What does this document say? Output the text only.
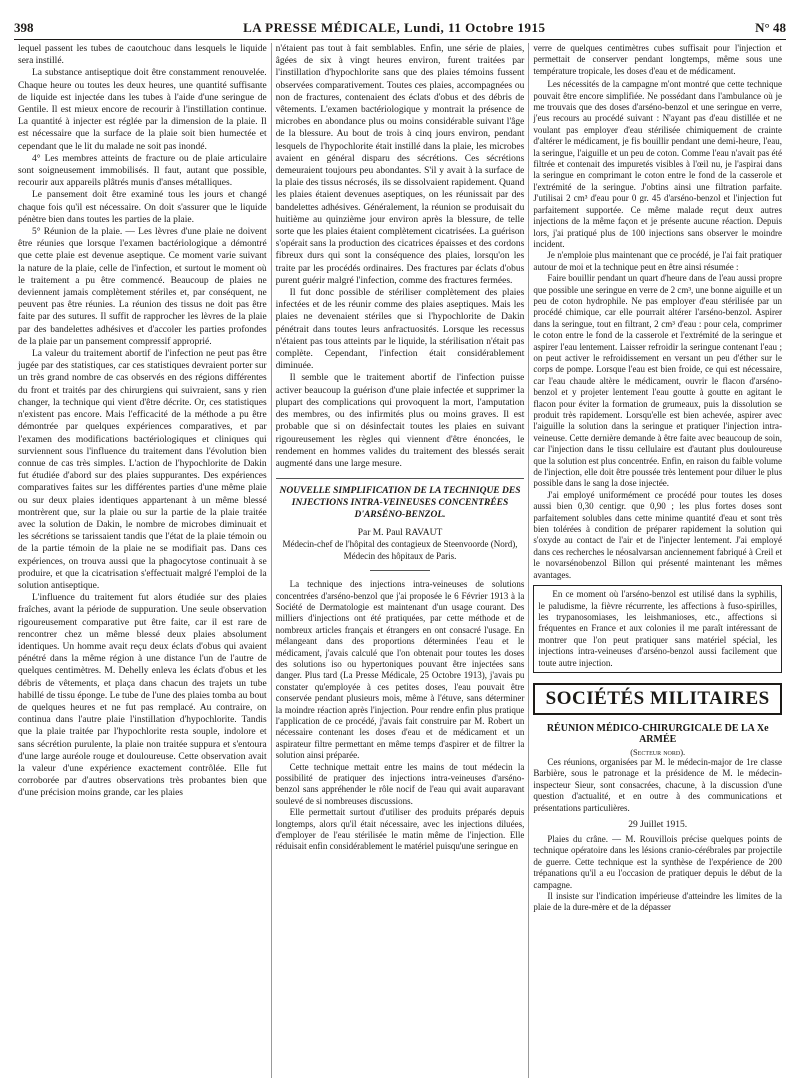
398	LA PRESSE MÉDICALE, Lundi, 11 Octobre 1915	N° 48

lequel passent les tubes de caoutchouc dans lesquels le liquide sera instillé.

La substance antiseptique doit être constamment renouvelée. Chaque heure ou toutes les deux heures, une quantité suffisante de liquide est injectée dans les tubes à l'aide d'une seringue de Gentile. Il est mieux encore de recourir à l'instillation continue. La quantité à injecter est réglée par la dimension de la plaie. Il est nécessaire que la surface de la plaie soit bien humectée et cependant que le lit du malade ne soit pas inondé.

4° Les membres atteints de fracture ou de plaie articulaire sont soigneusement immobilisés. Il faut, autant que possible, recourir aux appareils plâtrés munis d'anses métalliques.

Le pansement doit être examiné tous les jours et changé chaque fois qu'il est nécessaire. On doit s'assurer que le liquide pénètre bien dans toutes les parties de la plaie.

5° Réunion de la plaie. — Les lèvres d'une plaie ne doivent être réunies que lorsque l'examen bactériologique a démontré que cette plaie est devenue aseptique. Ce moment varie suivant la nature de la plaie, celle de l'infection, et surtout le moment où le traitement a pu être commencé. Beaucoup de plaies ne deviennent jamais complètement stériles et, par conséquent, ne peuvent pas être réunies. La réunion des tissus ne doit pas être faite par des sutures. Il suffit de rapprocher les lèvres de la plaie par des bandelettes adhésives et d'accoler les parties profondes de la plaie par un pansement compressif approprié.

La valeur du traitement abortif de l'infection ne peut pas être jugée par des statistiques, car ces statistiques devraient porter sur un très grand nombre de cas observés en des régions différentes du front et traités par des chirurgiens qui suivraient, sans y rien changer, la technique qui vient d'être décrite. Or, ces statistiques n'existent pas encore. Mais l'efficacité de la méthode a pu être démontrée par quelques expériences comparatives, et par l'examen des modifications bactériologiques et cliniques qui surviennent sous l'influence du traitement dans l'évolution bien connue de cas très simples. L'action de l'hypochlorite de Dakin fut étudiée d'abord sur des plaies suppurantes. Des expériences comparatives faites sur les différentes parties d'une même plaie ou sur deux plaies identiques appartenant à un même blessé montrèrent que, sur la plaie ou sur la partie de la plaie traitée avec la solution de Dakin, le nombre de microbes diminuait et les sécrétions se tarissaient tandis que l'état de la plaie témoin ou de la partie témoin de la plaie ne se modifiait pas. Dans ces expériences, on trouva aussi que la phagocytose continuait à se produire, et que la cicatrisation s'effectuait malgré l'emploi de la solution antiseptique.

L'influence du traitement fut alors étudiée sur des plaies fraîches, avant la période de suppuration. Une seule observation rigoureusement comparative put être faite, car il est rare de rencontrer chez un même blessé deux plaies absolument identiques. Un homme avait reçu deux éclats d'obus qui avaient pénétré dans la même région à une distance l'un de l'autre de quelques centimètres. M. Dehelly enleva les éclats d'obus et les débris de vêtements, et plaça dans chacun des trajets un tube habillé de tissu éponge. Le tube de l'une des plaies tomba au bout de quelques heures et ne fut pas remplacé. Au contraire, on continua dans l'autre plaie l'instillation d'hypochlorite. Tandis que la plaie traitée par l'hypochlorite resta souple, indolore et sans sécrétion purulente, la plaie non traitée suppura et s'entoura d'une large auréole rouge et douloureuse. Cette observation avait la valeur d'une expérience exactement contrôlée. Elle fut corroborée par d'autres observations très probantes bien que d'une précision moins grande, car les plaies

n'étaient pas tout à fait semblables. Enfin, une série de plaies, âgées de six à vingt heures environ, furent traitées par l'instillation d'hypochlorite sans que des plaies témoins fussent observées comparativement. Toutes ces plaies, accompagnées ou non de fractures, contenaient des éclats d'obus et des débris de vêtements. L'examen bactériologique y montrait la présence de microbes en abondance plus ou moins considérable suivant l'âge de la blessure. Au bout de trois à cinq jours environ, pendant lesquels de l'hypochlorite était instillé dans la plaie, les microbes avaient en général disparu des sécrétions. Ces sécrétions demeuraient toujours peu abondantes. S'il y avait à la surface de la plaie des tissus nécrosés, ils se dissolvaient rapidement. Quand les plaies étaient devenues aseptiques, on les réunissait par des bandelettes adhésives. Généralement, la réunion se produisait du huitième au quinzième jour environ après la blessure, de telle sorte que les plaies étaient complètement cicatrisées. La guérison s'opérait sans la production des cicatrices épaisses et des cordons fibreux durs qui sont la conséquence des plaies, lorsqu'on les traite par les procédés ordinaires. Des fractures par éclats d'obus purent guérir malgré l'infection, comme des fractures fermées.

Il fut donc possible de stériliser complètement des plaies infectées et de les réunir comme des plaies aseptiques. Mais les plaies ne devenaient stériles que si l'hypochlorite de Dakin pénétrait dans toutes leurs anfractuosités. Lorsque les recessus n'étaient pas tous atteints par le liquide, la stérilisation n'était pas complète. Cependant, l'infection était considérablement diminuée.

Il semble que le traitement abortif de l'infection puisse activer beaucoup la guérison d'une plaie infectée et supprimer la plupart des complications qui provoquent la mort, l'amputation des membres, ou des infirmités plus ou moins graves. Il est probable que si on désinfectait toutes les plaies en suivant rigoureusement les règles qui viennent d'être énoncées, le rendement en hommes valides du traitement des blessés serait augmenté dans une large mesure.

NOUVELLE SIMPLIFICATION DE LA TECHNIQUE DES INJECTIONS INTRA-VEINEUSES CONCENTRÉES D'ARSÉNO-BENZOL.
Par M. Paul RAVAUT
Médecin-chef de l'hôpital des contagieux de Steenvoorde (Nord),
Médecin des hôpitaux de Paris.

La technique des injections intra-veineuses de solutions concentrées d'arséno-benzol que j'ai proposée le 6 Février 1913 à la Société de Dermatologie est maintenant d'un usage courant. Des milliers d'injections ont été pratiquées, par cette méthode et de nombreux articles français et étrangers en ont consacré l'usage. En mélangeant dans des proportions déterminées l'eau et le médicament, j'avais calculé que l'on obtenait pour toutes les doses des solutions iso ou hypertoniques pouvant être injectées sans danger. Plus tard (La Presse Médicale, 25 Octobre 1913), j'avais pu constater qu'employée à ces petites doses, l'eau pouvait être conservée pendant plusieurs mois, même à l'étuve, sans déterminer la moindre réaction après l'injection. Pour rendre enfin plus pratique l'application de ce procédé, j'avais fait construire par M. Robert un nécessaire contenant les doses d'eau et de médicament et un aspirateur filtre permettant en même temps d'aspirer et de filtrer la solution ainsi préparée.

Cette technique mettait entre les mains de tout médecin la possibilité de pratiquer des injections intra-veineuses d'arséno-benzol sans appréhender le rôle nocif de l'eau qui avait auparavant soulevé de si nombreuses discussions.

Elle permettait surtout d'utiliser des produits préparés depuis longtemps, alors qu'il était nécessaire, avec les injections diluées, d'employer de l'eau stérilisée le matin même de l'injection. Elle réduisait enfin considérablement le matériel puisqu'une seringue en

verre de quelques centimètres cubes suffisait pour l'injection et permettait de conserver pendant longtemps, même sous une température tropicale, les doses d'eau et de médicament.

Les nécessités de la campagne m'ont montré que cette technique pouvait être encore simplifiée. Ne possédant dans l'ambulance où je me trouvais que des doses d'arséno-benzol et une seringue en verre, j'eus recours au procédé suivant : N'ayant pas d'eau distillée et ne voulant pas employer d'eau stérilisée chimiquement de crainte d'altérer le médicament, je fis bouillir pendant une demi-heure, l'eau, la seringue, l'aiguille et un peu de coton. Comme l'eau n'avait pas été filtrée et contenait des impuretés visibles à l'œil nu, je l'aspirai dans la seringue en comprimant le coton entre le fond de la casserole et l'extrémité de la seringue. J'obtins ainsi une filtration parfaite. J'utilisai 2 cm³ d'eau pour 0 gr. 45 d'arséno-benzol et l'injection fut parfaitement supportée. Ce même malade reçut deux autres injections de la même façon et je présente aucune réaction. Depuis lors, j'ai pratiqué plus de 100 injections sans observer le moindre incident.

Je n'emploie plus maintenant que ce procédé, je l'ai fait pratiquer autour de moi et la technique peut en être ainsi résumée :

Faire bouillir pendant un quart d'heure dans de l'eau aussi propre que possible une seringue en verre de 2 cm³, une bonne aiguille et un peu de coton hydrophile. Ne pas employer d'eau stérilisée par un procédé chimique, car elle pourrait altérer l'arséno-benzol. Aspirer dans la seringue, tout en filtrant, 2 cm³ d'eau : pour cela, comprimer le coton entre le fond de la casserole et l'extrémité de la seringue et aspirer l'eau lentement. Laisser refroidir la seringue contenant l'eau ; on peut activer le refroidissement en versant un peu d'éther sur le corps de pompe. Lorsque l'eau est bien froide, ce qui est nécessaire, car l'eau chaude altère le médicament, ouvrir le flacon d'arséno-benzol et y projeter lentement l'eau goutte à goutte en agitant le flacon pour éviter la formation de grumeaux, puis la dissolution se produit très rapidement. Lorsqu'elle est bien achevée, aspirer avec l'aiguille la solution dans la seringue et pratiquer l'injection intra-veineuse. Cette dernière demande à être faite avec beaucoup de soin, car l'injection dans le tissu cellulaire est d'autant plus douloureuse que la solution est plus concentrée. Enfin, en raison du faible volume de l'injection, elle doit être poussée très lentement pour diluer le plus possible dans le sang la dose injectée.

J'ai employé uniformément ce procédé pour toutes les doses aussi bien 0,30 centigr. que 0,90 ; les plus fortes doses sont parfaitement solubles dans cette minime quantité d'eau et sont très bien tolérées à condition de préparer rapidement la solution qui s'oxyde au contact de l'air et de l'injecter lentement. J'ai employé dans ces recherches le néosalvarsan anciennement fabriqué à Creil et le novarsénobenzol Billon qui présenté maintenant les mêmes avantages.

En ce moment où l'arséno-benzol est utilisé dans la syphilis, le paludisme, la fièvre récurrente, les affections à fuso-spirilles, les trypanosomiases, les leishmanioses, etc., affections si fréquentes en France et aux colonies il me paraît intéressant de montrer que l'on peut pratiquer sans matériel spécial, les injections intra-veineuses d'arséno-benzol aussi facilement que toute autre injection.

SOCIÉTÉS MILITAIRES
RÉUNION MÉDICO-CHIRURGICALE DE LA Xe ARMÉE
(Secteur nord).

Ces réunions, organisées par M. le médecin-major de 1re classe Barbière, sous le patronage et la présidence de M. le médecin-inspecteur Sieur, sont consacrées, chacune, à la discussion d'une question d'actualité, et en outre à des communications et présentations particulières.

29 Juillet 1915.

Plaies du crâne. — M. Rouvillois précise quelques points de technique opératoire dans les lésions cranio-cérébrales par projectile de guerre. Cette technique est la synthèse de l'expérience de 200 trépanations qu'il a eu l'occasion de pratiquer depuis le début de la campagne.

Il insiste sur l'indication impérieuse d'atteindre les limites de la plaie de la dure-mère et de la dépasser
